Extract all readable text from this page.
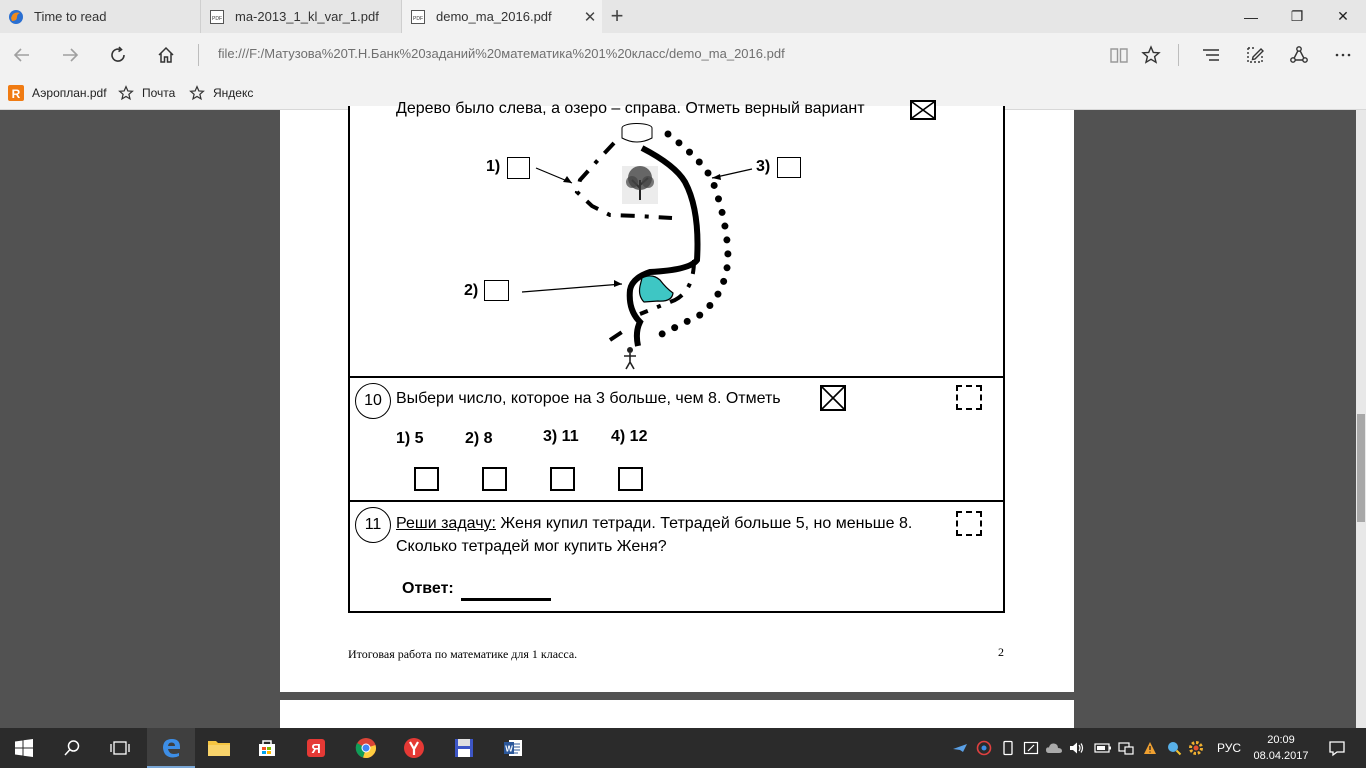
Time to read	PDF ma-2013_1_kl_var_1.pdf	PDF demo_ma_2016.pdf	✕ +	—	❐	✕
file:///F:/Матузова%20Т.Н.Банк%20заданий%20математика%201%20класс/demo_ma_2016.pdf
R Аэроплан.pdf	Почта	Яндекс
Дерево было слева, а озеро – справа. Отметь верный вариант
1)	3)
2)
10 Выбери число, которое на 3 больше, чем 8. Отметь
1) 5	2) 8	3) 11 4) 12
11 Реши задачу: Женя купил тетради. Тетрадей больше 5, но меньше 8.
Сколько тетрадей мог купить Женя?
Ответ:
Итоговая работа по математике для 1 класса.	2
Я	W	РУС
20:09
08.04.2017
